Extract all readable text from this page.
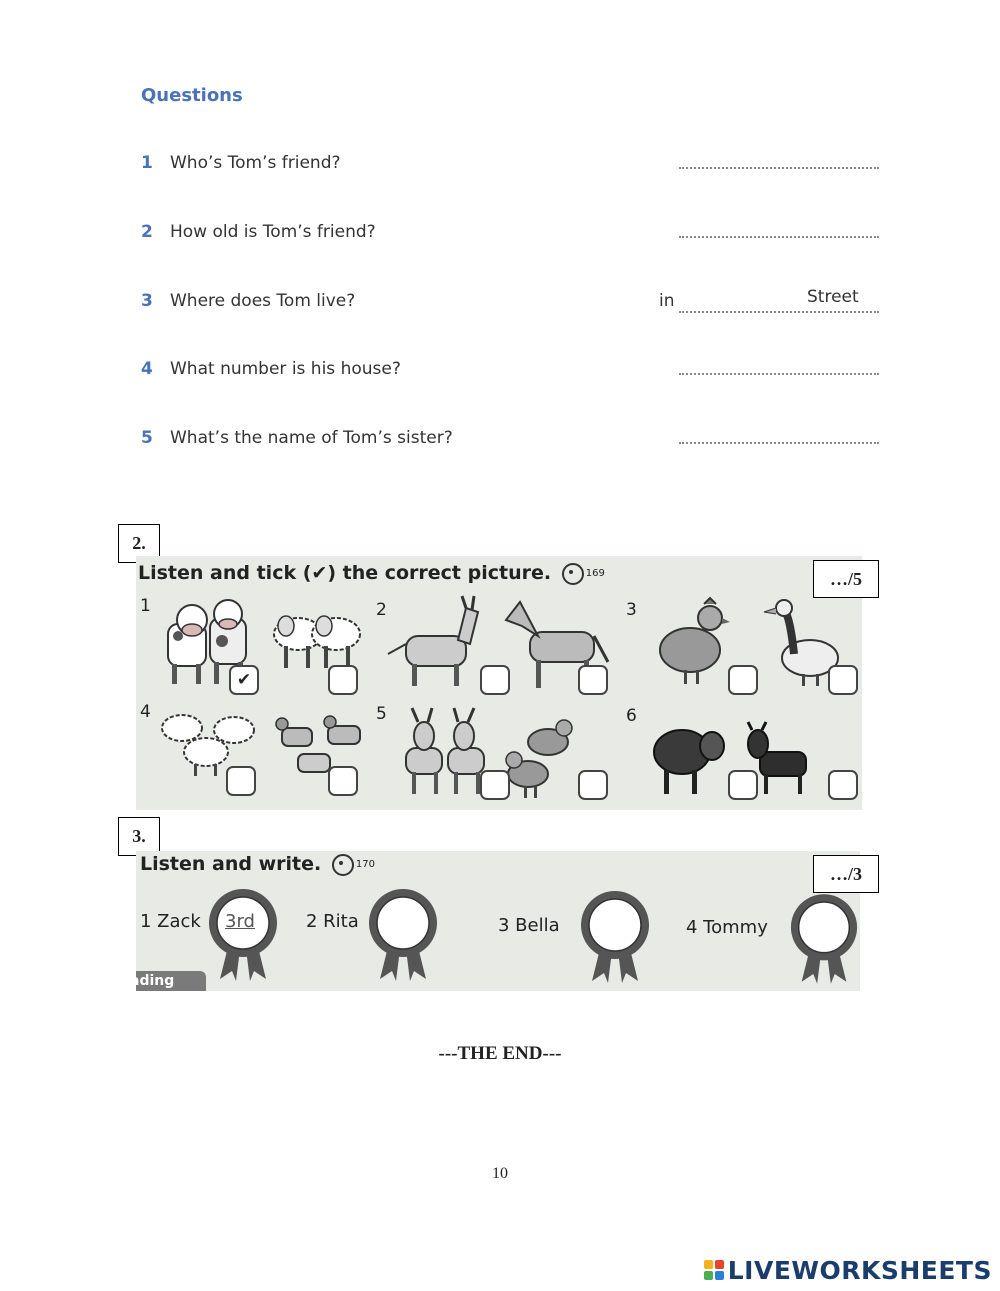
Questions
1	Who’s Tom’s friend?
2	How old is Tom’s friend?
3	Where does Tom live?	in	Street
4	What number is his house?
5	What’s the name of Tom’s sister?
2.
Listen and tick (✔) the correct picture.	169
1
✔
2	3
4	5	6
…/5
3.
Listen and write.	170
1 Zack 3rd	2 Rita	3 Bella	4 Tommy
ading
…/3
---THE END---
10
LIVEWORKSHEETS
